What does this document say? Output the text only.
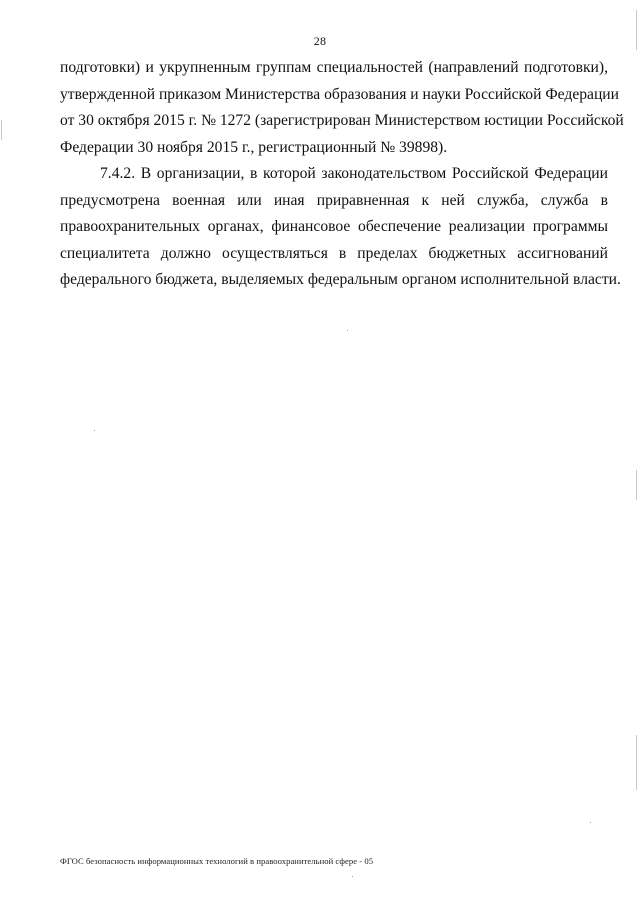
28
подготовки) и укрупненным группам специальностей (направлений подготовки),
утвержденной приказом Министерства образования и науки Российской Федерации
от 30 октября 2015 г. № 1272 (зарегистрирован Министерством юстиции Российской
Федерации 30 ноября 2015 г., регистрационный № 39898).
7.4.2. В организации, в которой законодательством Российской Федерации
предусмотрена военная или иная приравненная к ней служба, служба в
правоохранительных органах, финансовое обеспечение реализации программы
специалитета должно осуществляться в пределах бюджетных ассигнований
федерального бюджета, выделяемых федеральным органом исполнительной власти.
ФГОС безопасность информационных технологий в правоохранительной сфере - 05
